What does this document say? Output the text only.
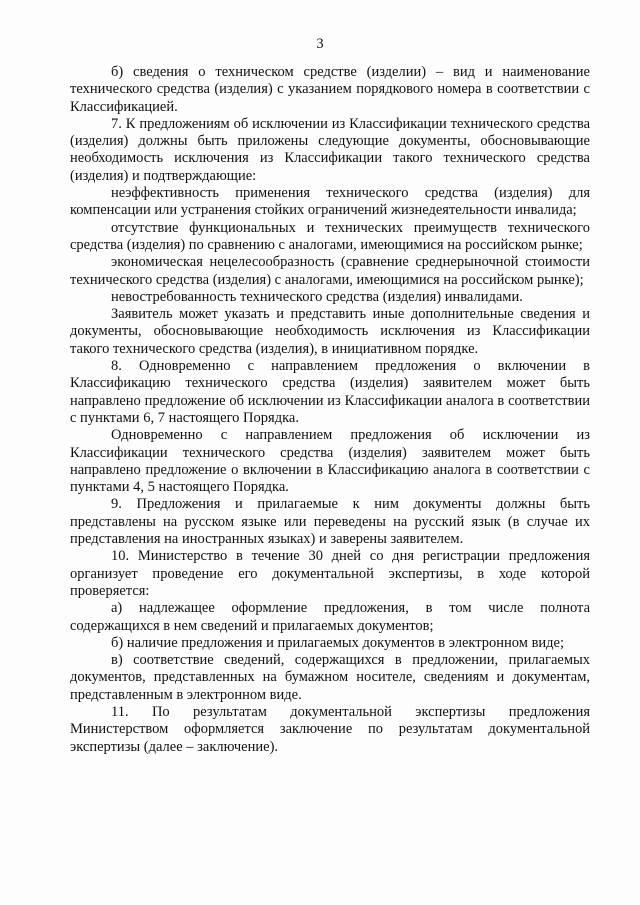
3

б) сведения о техническом средстве (изделии) – вид и наименование технического средства (изделия) с указанием порядкового номера в соответствии с Классификацией.

7. К предложениям об исключении из Классификации технического средства (изделия) должны быть приложены следующие документы, обосновывающие необходимость исключения из Классификации такого технического средства (изделия) и подтверждающие:

неэффективность применения технического средства (изделия) для компенсации или устранения стойких ограничений жизнедеятельности инвалида;

отсутствие функциональных и технических преимуществ технического средства (изделия) по сравнению с аналогами, имеющимися на российском рынке;

экономическая нецелесообразность (сравнение среднерыночной стоимости технического средства (изделия) с аналогами, имеющимися на российском рынке);

невостребованность технического средства (изделия) инвалидами.

Заявитель может указать и представить иные дополнительные сведения и документы, обосновывающие необходимость исключения из Классификации такого технического средства (изделия), в инициативном порядке.

8. Одновременно с направлением предложения о включении в Классификацию технического средства (изделия) заявителем может быть направлено предложение об исключении из Классификации аналога в соответствии с пунктами 6, 7 настоящего Порядка.

Одновременно с направлением предложения об исключении из Классификации технического средства (изделия) заявителем может быть направлено предложение о включении в Классификацию аналога в соответствии с пунктами 4, 5 настоящего Порядка.

9. Предложения и прилагаемые к ним документы должны быть представлены на русском языке или переведены на русский язык (в случае их представления на иностранных языках) и заверены заявителем.

10. Министерство в течение 30 дней со дня регистрации предложения организует проведение его документальной экспертизы, в ходе которой проверяется:

а) надлежащее оформление предложения, в том числе полнота содержащихся в нем сведений и прилагаемых документов;

б) наличие предложения и прилагаемых документов в электронном виде;

в) соответствие сведений, содержащихся в предложении, прилагаемых документов, представленных на бумажном носителе, сведениям и документам, представленным в электронном виде.

11. По результатам документальной экспертизы предложения Министерством оформляется заключение по результатам документальной экспертизы (далее – заключение).
